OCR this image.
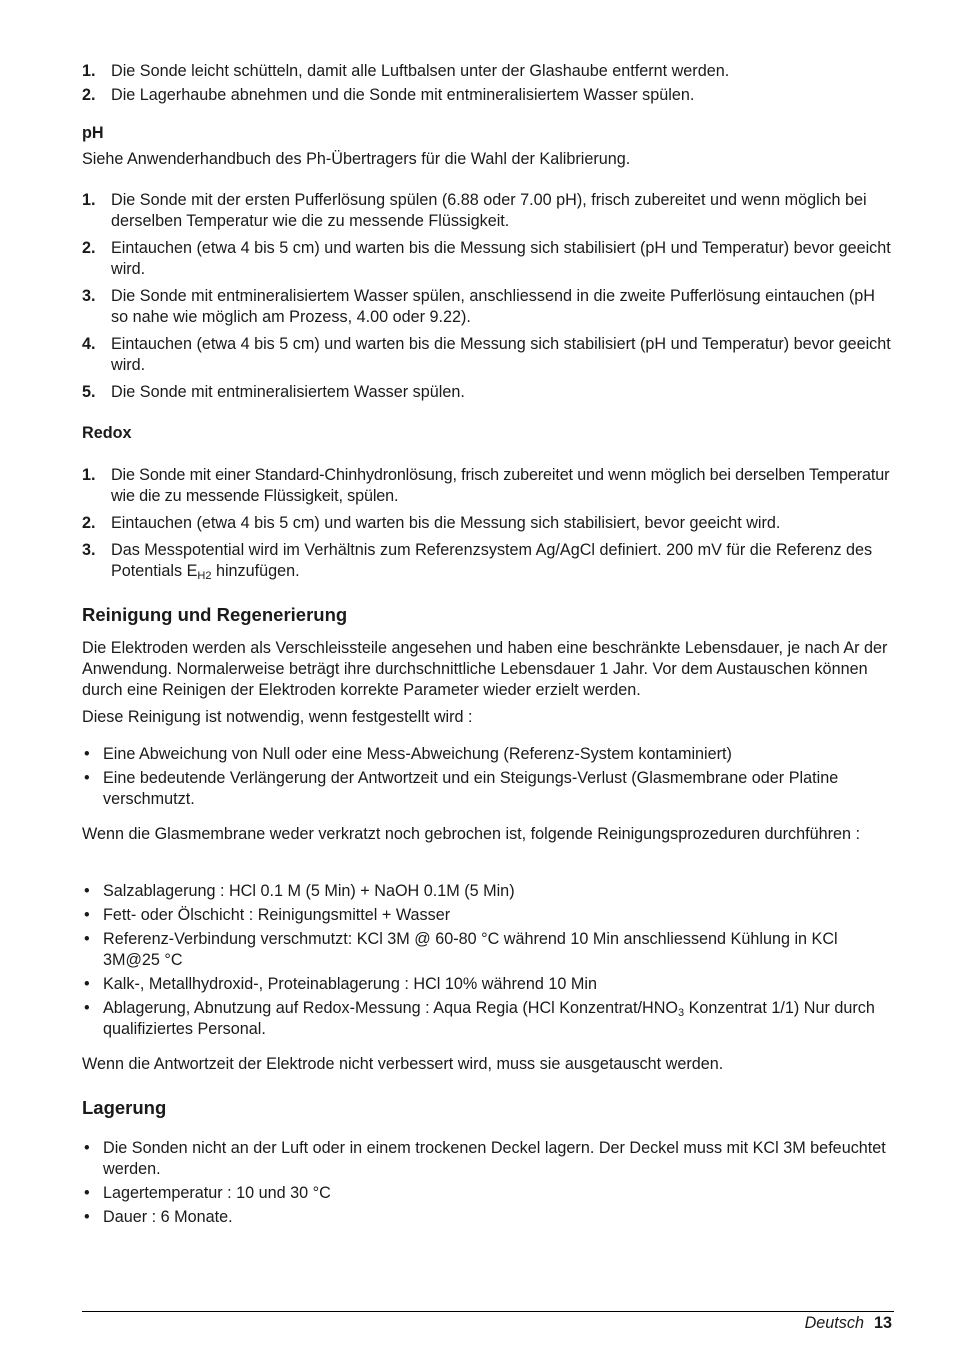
1. Die Sonde leicht schütteln, damit alle Luftbalsen unter der Glashaube entfernt werden.
2. Die Lagerhaube abnehmen und die Sonde mit entmineralisiertem Wasser spülen.

pH

Siehe Anwenderhandbuch des Ph-Übertragers für die Wahl der Kalibrierung.

1. Die Sonde mit der ersten Pufferlösung spülen (6.88 oder 7.00 pH), frisch zubereitet und wenn möglich bei derselben Temperatur wie die zu messende Flüssigkeit.
2. Eintauchen (etwa 4 bis 5 cm) und warten bis die Messung sich stabilisiert (pH und Temperatur) bevor geeicht wird.
3. Die Sonde mit entmineralisiertem Wasser spülen, anschliessend in die zweite Pufferlösung eintauchen (pH so nahe wie möglich am Prozess, 4.00 oder 9.22).
4. Eintauchen (etwa 4 bis 5 cm) und warten bis die Messung sich stabilisiert (pH und Temperatur) bevor geeicht wird.
5. Die Sonde mit entmineralisiertem Wasser spülen.

Redox

1. Die Sonde mit einer Standard-Chinhydronlösung, frisch zubereitet und wenn möglich bei derselben Temperatur wie die zu messende Flüssigkeit, spülen.
2. Eintauchen (etwa 4 bis 5 cm) und warten bis die Messung sich stabilisiert, bevor geeicht wird.
3. Das Messpotential wird im Verhältnis zum Referenzsystem Ag/AgCl definiert. 200 mV für die Referenz des Potentials $E_{H2}$ hinzufügen.
Reinigung und Regenerierung

Die Elektroden werden als Verschleissteile angesehen und haben eine beschränkte Lebensdauer, je nach Ar der Anwendung. Normalerweise beträgt ihre durchschnittliche Lebensdauer 1 Jahr. Vor dem Austauschen können durch eine Reinigen der Elektroden korrekte Parameter wieder erzielt werden.

Diese Reinigung ist notwendig, wenn festgestellt wird :

• Eine Abweichung von Null oder eine Mess-Abweichung (Referenz-System kontaminiert)
• Eine bedeutende Verlängerung der Antwortzeit und ein Steigungs-Verlust (Glasmembrane oder Platine verschmutzt.

Wenn die Glasmembrane weder verkratzt noch gebrochen ist, folgende Reinigungsprozeduren durchführen :

• Salzablagerung : HCl 0.1 M (5 Min) + NaOH 0.1M (5 Min)
• Fett- oder Ölschicht : Reinigungsmittel + Wasser
• Referenz-Verbindung verschmutzt: KCl 3M @ 60-80 °C während 10 Min anschliessend Kühlung in KCl 3M@25 °C
• Kalk-, Metallhydroxid-, Proteinablagerung : HCl 10% während 10 Min
• Ablagerung, Abnutzung auf Redox-Messung : Aqua Regia (HCl Konzentrat/$HNO_3$ Konzentrat 1/1) Nur durch qualifiziertes Personal.

Wenn die Antwortzeit der Elektrode nicht verbessert wird, muss sie ausgetauscht werden.

Lagerung
• Die Sonden nicht an der Luft oder in einem trockenen Deckel lagern. Der Deckel muss mit KCl 3M befeuchtet werden.
• Lagertemperatur : 10 und 30 °C
• Dauer : 6 Monate.
Deutsch 13
